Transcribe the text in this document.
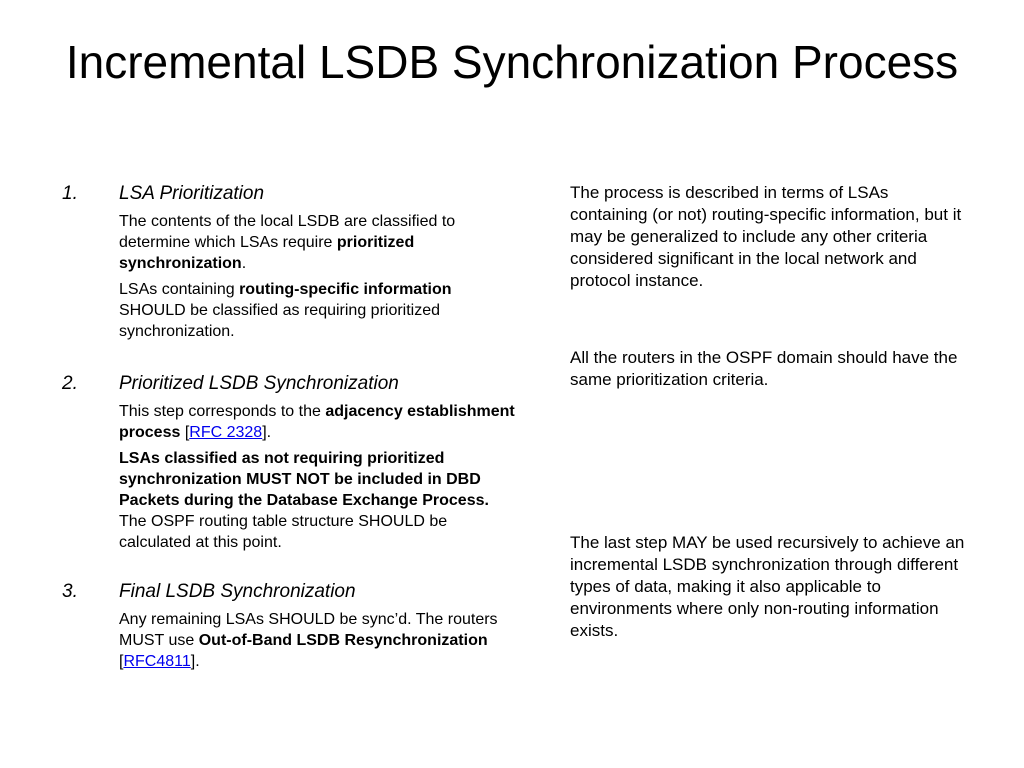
Incremental LSDB Synchronization Process
1.	LSA Prioritization
The contents of the local LSDB are classified to determine which LSAs require prioritized synchronization.
LSAs containing routing-specific information SHOULD be classified as requiring prioritized synchronization.
2.	Prioritized LSDB Synchronization
This step corresponds to the adjacency establishment process [RFC 2328].
LSAs classified as not requiring prioritized synchronization MUST NOT be included in DBD Packets during the Database Exchange Process. The OSPF routing table structure SHOULD be calculated at this point.
3.	Final LSDB Synchronization
Any remaining LSAs SHOULD be sync’d. The routers MUST use Out-of-Band LSDB Resynchronization [RFC4811].
The process is described in terms of LSAs containing (or not) routing-specific information, but it may be generalized to include any other criteria considered significant in the local network and protocol instance.
All the routers in the OSPF domain should have the same prioritization criteria.
The last step MAY be used recursively to achieve an incremental LSDB synchronization through different types of data, making it also applicable to environments where only non-routing information exists.
